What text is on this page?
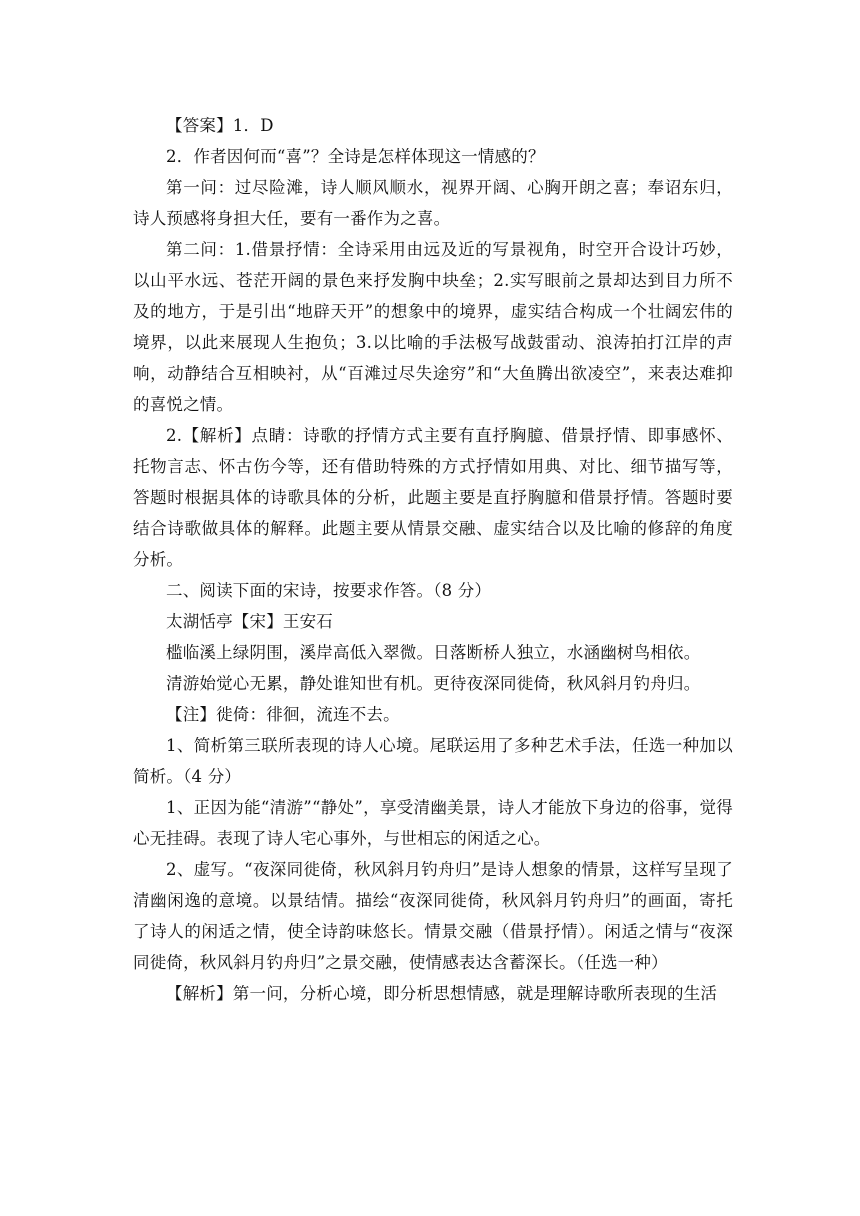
【答案】1．D

2．作者因何而“喜”？全诗是怎样体现这一情感的？

第一问：过尽险滩，诗人顺风顺水，视界开阔、心胸开朗之喜；奉诏东归，诗人预感将身担大任，要有一番作为之喜。

第二问：1.借景抒情：全诗采用由远及近的写景视角，时空开合设计巧妙，以山平水远、苍茫开阔的景色来抒发胸中块垒；2.实写眼前之景却达到目力所不及的地方，于是引出“地辟天开”的想象中的境界，虚实结合构成一个壮阔宏伟的境界，以此来展现人生抱负；3.以比喻的手法极写战鼓雷动、浪涛拍打江岸的声响，动静结合互相映衬，从“百滩过尽失途穷”和“大鱼腾出欲凌空”，来表达难抑的喜悦之情。

2.【解析】点睛：诗歌的抒情方式主要有直抒胸臆、借景抒情、即事感怀、托物言志、怀古伤今等，还有借助特殊的方式抒情如用典、对比、细节描写等，答题时根据具体的诗歌具体的分析，此题主要是直抒胸臆和借景抒情。答题时要结合诗歌做具体的解释。此题主要从情景交融、虚实结合以及比喻的修辞的角度分析。

二、阅读下面的宋诗，按要求作答。（8 分）

太湖恬亭【宋】王安石

槛临溪上绿阴围，溪岸高低入翠微。日落断桥人独立，水涵幽树鸟相依。

清游始觉心无累，静处谁知世有机。更待夜深同徙倚，秋风斜月钓舟归。

【注】徙倚：徘徊，流连不去。

1、简析第三联所表现的诗人心境。尾联运用了多种艺术手法，任选一种加以简析。（4 分）

1、正因为能“清游”“静处”，享受清幽美景，诗人才能放下身边的俗事，觉得心无挂碍。表现了诗人宅心事外，与世相忘的闲适之心。

2、虚写。“夜深同徙倚，秋风斜月钓舟归”是诗人想象的情景，这样写呈现了清幽闲逸的意境。以景结情。描绘“夜深同徙倚，秋风斜月钓舟归”的画面，寄托了诗人的闲适之情，使全诗韵味悠长。情景交融（借景抒情）。闲适之情与“夜深同徙倚，秋风斜月钓舟归”之景交融，使情感表达含蓄深长。（任选一种）

【解析】第一问，分析心境，即分析思想情感，就是理解诗歌所表现的生活
